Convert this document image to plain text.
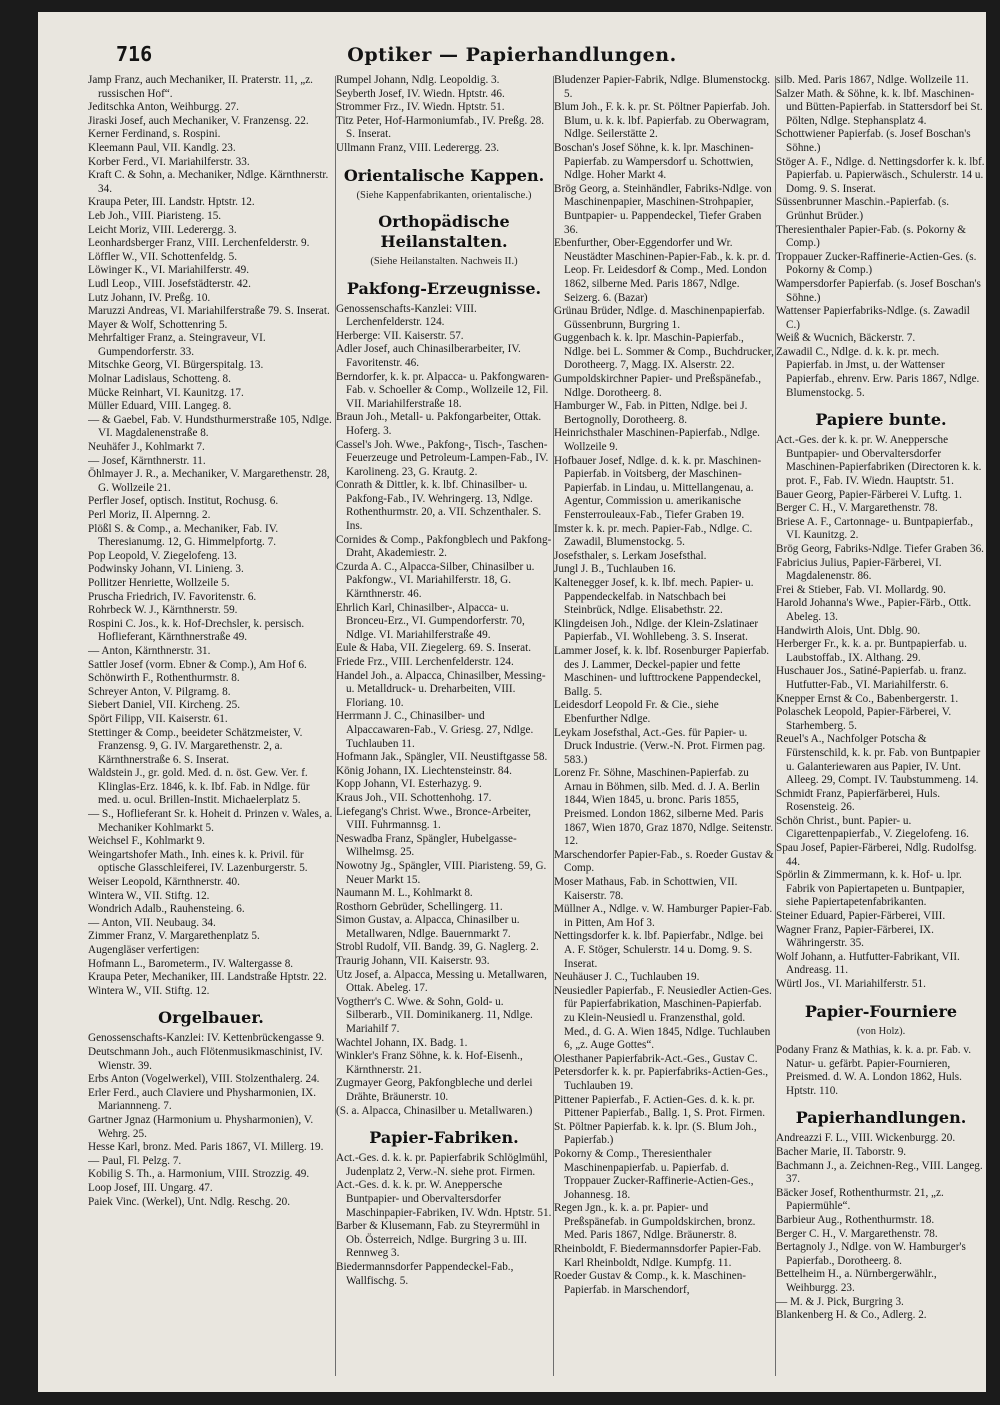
716	Optiker — Papierhandlungen.

Jamp Franz, auch Mechaniker, II. Praterstr. 11, „z. russischen Hof“.

Jeditschka Anton, Weihburgg. 27.

Jiraski Josef, auch Mechaniker, V. Franzensg. 22.

Kerner Ferdinand, s. Rospini.

Kleemann Paul, VII. Kandlg. 23.

Korber Ferd., VI. Mariahilferstr. 33.

Kraft C. & Sohn, a. Mechaniker, Ndlge. Kärnthnerstr. 34.

Kraupa Peter, III. Landstr. Hptstr. 12.

Leb Joh., VIII. Piaristeng. 15.

Leicht Moriz, VIII. Lederergg. 3.

Leonhardsberger Franz, VIII. Lerchenfelderstr. 9.

Löffler W., VII. Schottenfeldg. 5.

Löwinger K., VI. Mariahilferstr. 49.

Ludl Leop., VIII. Josefstädterstr. 42.

Lutz Johann, IV. Preßg. 10.

Maruzzi Andreas, VI. Mariahilferstraße 79. S. Inserat.

Mayer & Wolf, Schottenring 5.

Mehrfaltiger Franz, a. Steingraveur, VI. Gumpendorferstr. 33.

Mitschke Georg, VI. Bürgerspitalg. 13.

Molnar Ladislaus, Schotteng. 8.

Mücke Reinhart, VI. Kaunitzg. 17.

Müller Eduard, VIII. Langeg. 8.

— & Gaebel, Fab. V. Hundsthurmerstraße 105, Ndlge. VI. Magdalenenstraße 8.

Neuhäfer J., Kohlmarkt 7.

— Josef, Kärnthnerstr. 11.

Öhlmayer J. R., a. Mechaniker, V. Margarethenstr. 28, G. Wollzeile 21.

Perfler Josef, optisch. Institut, Rochusg. 6.

Perl Moriz, II. Alpernng. 2.

Plößl S. & Comp., a. Mechaniker, Fab. IV. Theresianumg. 12, G. Himmelpfortg. 7.

Pop Leopold, V. Ziegelofeng. 13.

Podwinsky Johann, VI. Linieng. 3.

Pollitzer Henriette, Wollzeile 5.

Pruscha Friedrich, IV. Favoritenstr. 6.

Rohrbeck W. J., Kärnthnerstr. 59.

Rospini C. Jos., k. k. Hof-Drechsler, k. persisch. Hoflieferant, Kärnthnerstraße 49.

— Anton, Kärnthnerstr. 31.

Sattler Josef (vorm. Ebner & Comp.), Am Hof 6.

Schönwirth F., Rothenthurmstr. 8.

Schreyer Anton, V. Pilgramg. 8.

Siebert Daniel, VII. Kircheng. 25.

Spört Filipp, VII. Kaiserstr. 61.

Stettinger & Comp., beeideter Schätzmeister, V. Franzensg. 9, G. IV. Margarethenstr. 2, a. Kärnthnerstraße 6. S. Inserat.

Waldstein J., gr. gold. Med. d. n. öst. Gew. Ver. f. Klinglas-Erz. 1846, k. k. Ibf. Fab. in Ndlge. für med. u. ocul. Brillen-Instit. Michaelerplatz 5.

— S., Hoflieferant Sr. k. Hoheit d. Prinzen v. Wales, a. Mechaniker Kohlmarkt 5.

Weichsel F., Kohlmarkt 9.

Weingartshofer Math., Inh. eines k. k. Privil. für optische Glasschleiferei, IV. Lazenburgerstr. 5.

Weiser Leopold, Kärnthnerstr. 40.

Wintera W., VII. Stiftg. 12.

Wondrich Adalb., Rauhensteing. 6.

— Anton, VII. Neubaug. 34.

Zimmer Franz, V. Margarethenplatz 5.

Augengläser verfertigen:

Hofmann L., Barometerm., IV. Waltergasse 8.

Kraupa Peter, Mechaniker, III. Landstraße Hptstr. 22.

Wintera W., VII. Stiftg. 12.

Orgelbauer.

Genossenschafts-Kanzlei: IV. Kettenbrückengasse 9.

Deutschmann Joh., auch Flötenmusikmaschinist, IV. Wienstr. 39.

Erbs Anton (Vogelwerkel), VIII. Stolzenthalerg. 24.

Erler Ferd., auch Claviere und Physharmonien, IX. Mariannneng. 7.

Gartner Jgnaz (Harmonium u. Physharmonien), V. Wehrg. 25.

Hesse Karl, bronz. Med. Paris 1867, VI. Millerg. 19.

— Paul, Fl. Pelzg. 7.

Kobilig S. Th., a. Harmonium, VIII. Strozzig. 49.

Loop Josef, III. Ungarg. 47.

Paiek Vinc. (Werkel), Unt. Ndlg. Reschg. 20.

Rumpel Johann, Ndlg. Leopoldig. 3.

Seyberth Josef, IV. Wiedn. Hptstr. 46.

Strommer Frz., IV. Wiedn. Hptstr. 51.

Titz Peter, Hof-Harmoniumfab., IV. Preßg. 28. S. Inserat.

Ullmann Franz, VIII. Lederergg. 23.

Orientalische Kappen.

(Siehe Kappenfabrikanten, orientalische.)

Orthopädische Heilanstalten.

(Siehe Heilanstalten. Nachweis II.)

Pakfong-Erzeugnisse.

Genossenschafts-Kanzlei: VIII. Lerchenfelderstr. 124.

Herberge: VII. Kaiserstr. 57.

Adler Josef, auch Chinasilberarbeiter, IV. Favoritenstr. 46.

Berndorfer, k. k. pr. Alpacca- u. Pakfongwaren-Fab. v. Schoeller & Comp., Wollzeile 12, Fil. VII. Mariahilferstraße 18.

Braun Joh., Metall- u. Pakfongarbeiter, Ottak. Hoferg. 3.

Cassel's Joh. Wwe., Pakfong-, Tisch-, Taschen-Feuerzeuge und Petroleum-Lampen-Fab., IV. Karolineng. 23, G. Krautg. 2.

Conrath & Dittler, k. k. lbf. Chinasilber- u. Pakfong-Fab., IV. Wehringerg. 13, Ndlge. Rothenthurmstr. 20, a. VII. Schzenthaler. S. Ins.

Cornides & Comp., Pakfongblech und Pakfong-Draht, Akademiestr. 2.

Czurda A. C., Alpacca-Silber, Chinasilber u. Pakfongw., VI. Mariahilferstr. 18, G. Kärnthnerstr. 46.

Ehrlich Karl, Chinasilber-, Alpacca- u. Bronceu-Erz., VI. Gumpendorferstr. 70, Ndlge. VI. Mariahilferstraße 49.

Eule & Haba, VII. Ziegelerg. 69. S. Inserat.

Friede Frz., VIII. Lerchenfelderstr. 124.

Handel Joh., a. Alpacca, Chinasilber, Messing- u. Metalldruck- u. Dreharbeiten, VIII. Floriang. 10.

Herrmann J. C., Chinasilber- und Alpaccawaren-Fab., V. Griesg. 27, Ndlge. Tuchlauben 11.

Hofmann Jak., Spängler, VII. Neustiftgasse 58.

König Johann, IX. Liechtensteinstr. 84.

Kopp Johann, VI. Esterhazyg. 9.

Kraus Joh., VII. Schottenhohg. 17.

Liefegang's Christ. Wwe., Bronce-Arbeiter, VIII. Fuhrmannsg. 1.

Neswadba Franz, Spängler, Hubelgasse-Wilhelmsg. 25.

Nowotny Jg., Spängler, VIII. Piaristeng. 59, G. Neuer Markt 15.

Naumann M. L., Kohlmarkt 8.

Rosthorn Gebrüder, Schellingerg. 11.

Simon Gustav, a. Alpacca, Chinasilber u. Metallwaren, Ndlge. Bauernmarkt 7.

Strobl Rudolf, VII. Bandg. 39, G. Naglerg. 2.

Traurig Johann, VII. Kaiserstr. 93.

Utz Josef, a. Alpacca, Messing u. Metallwaren, Ottak. Abeleg. 17.

Vogtherr's C. Wwe. & Sohn, Gold- u. Silberarb., VII. Dominikanerg. 11, Ndlge. Mariahilf 7.

Wachtel Johann, IX. Badg. 1.

Winkler's Franz Söhne, k. k. Hof-Eisenh., Kärnthnerstr. 21.

Zugmayer Georg, Pakfongbleche und derlei Drähte, Bräunerstr. 10.

(S. a. Alpacca, Chinasilber u. Metallwaren.)

Papier-Fabriken.

Act.-Ges. d. k. k. pr. Papierfabrik Schlöglmühl, Judenplatz 2, Verw.-N. siehe prot. Firmen.

Act.-Ges. d. k. k. pr. W. Aneppersche Buntpapier- und Obervaltersdorfer Maschinpapier-Fabriken, IV. Wdn. Hptstr. 51.

Barber & Klusemann, Fab. zu Steyrermühl in Ob. Österreich, Ndlge. Burgring 3 u. III. Rennweg 3.

Biedermannsdorfer Pappendeckel-Fab., Wallfischg. 5.

Bludenzer Papier-Fabrik, Ndlge. Blumenstockg. 5.

Blum Joh., F. k. k. pr. St. Pöltner Papierfab. Joh. Blum, u. k. k. lbf. Papierfab. zu Oberwagram, Ndlge. Seilerstätte 2.

Boschan's Josef Söhne, k. k. lpr. Maschinen-Papierfab. zu Wampersdorf u. Schottwien, Ndlge. Hoher Markt 4.

Brög Georg, a. Steinhändler, Fabriks-Ndlge. von Maschinenpapier, Maschinen-Strohpapier, Buntpapier- u. Pappendeckel, Tiefer Graben 36.

Ebenfurther, Ober-Eggendorfer und Wr. Neustädter Maschinen-Papier-Fab., k. k. pr. d. Leop. Fr. Leidesdorf & Comp., Med. London 1862, silberne Med. Paris 1867, Ndlge. Seizerg. 6. (Bazar)

Grünau Brüder, Ndlge. d. Maschinenpapierfab. Güssenbrunn, Burgring 1.

Guggenbach k. k. lpr. Maschin-Papierfab., Ndlge. bei L. Sommer & Comp., Buchdrucker, Dorotheerg. 7, Magg. IX. Alserstr. 22.

Gumpoldskirchner Papier- und Preßspänefab., Ndlge. Dorotheerg. 8.

Hamburger W., Fab. in Pitten, Ndlge. bei J. Bertognolly, Dorotheerg. 8.

Heinrichsthaler Maschinen-Papierfab., Ndlge. Wollzeile 9.

Hofbauer Josef, Ndlge. d. k. k. pr. Maschinen-Papierfab. in Voitsberg, der Maschinen-Papierfab. in Lindau, u. Mittellangenau, a. Agentur, Commission u. amerikanische Fensterrouleaux-Fab., Tiefer Graben 19.

Imster k. k. pr. mech. Papier-Fab., Ndlge. C. Zawadil, Blumenstockg. 5.

Josefsthaler, s. Lerkam Josefsthal.

Jungl J. B., Tuchlauben 16.

Kaltenegger Josef, k. k. lbf. mech. Papier- u. Pappendeckelfab. in Natschbach bei Steinbrück, Ndlge. Elisabethstr. 22.

Klingdeisen Joh., Ndlge. der Klein-Zslatinaer Papierfab., VI. Wohllebeng. 3. S. Inserat.

Lammer Josef, k. k. lbf. Rosenburger Papierfab. des J. Lammer, Deckel-papier und fette Maschinen- und lufttrockene Pappendeckel, Ballg. 5.

Leidesdorf Leopold Fr. & Cie., siehe Ebenfurther Ndlge.

Leykam Josefsthal, Act.-Ges. für Papier- u. Druck Industrie. (Verw.-N. Prot. Firmen pag. 583.)

Lorenz Fr. Söhne, Maschinen-Papierfab. zu Arnau in Böhmen, silb. Med. d. J. A. Berlin 1844, Wien 1845, u. bronc. Paris 1855, Preismed. London 1862, silberne Med. Paris 1867, Wien 1870, Graz 1870, Ndlge. Seitenstr. 12.

Marschendorfer Papier-Fab., s. Roeder Gustav & Comp.

Moser Mathaus, Fab. in Schottwien, VII. Kaiserstr. 78.

Müllner A., Ndlge. v. W. Hamburger Papier-Fab. in Pitten, Am Hof 3.

Nettingsdorfer k. k. lbf. Papierfabr., Ndlge. bei A. F. Stöger, Schulerstr. 14 u. Domg. 9. S. Inserat.

Neuhäuser J. C., Tuchlauben 19.

Neusiedler Papierfab., F. Neusiedler Actien-Ges. für Papierfabrikation, Maschinen-Papierfab. zu Klein-Neusiedl u. Franzensthal, gold. Med., d. G. A. Wien 1845, Ndlge. Tuchlauben 6, „z. Auge Gottes“.

Olesthaner Papierfabrik-Act.-Ges., Gustav C.

Petersdorfer k. k. pr. Papierfabriks-Actien-Ges., Tuchlauben 19.

Pittener Papierfab., F. Actien-Ges. d. k. k. pr. Pittener Papierfab., Ballg. 1, S. Prot. Firmen.

St. Pöltner Papierfab. k. k. lpr. (S. Blum Joh., Papierfab.)

Pokorny & Comp., Theresienthaler Maschinenpapierfab. u. Papierfab. d. Troppauer Zucker-Raffinerie-Actien-Ges., Johannesg. 18.

Regen Jgn., k. k. a. pr. Papier- und Preßspänefab. in Gumpoldskirchen, bronz. Med. Paris 1867, Ndlge. Bräunerstr. 8.

Rheinboldt, F. Biedermannsdorfer Papier-Fab. Karl Rheinboldt, Ndlge. Kumpfg. 11.

Roeder Gustav & Comp., k. k. Maschinen-Papierfab. in Marschendorf,

silb. Med. Paris 1867, Ndlge. Wollzeile 11.

Salzer Math. & Söhne, k. k. lbf. Maschinen- und Bütten-Papierfab. in Stattersdorf bei St. Pölten, Ndlge. Stephansplatz 4.

Schottwiener Papierfab. (s. Josef Boschan's Söhne.)

Stöger A. F., Ndlge. d. Nettingsdorfer k. k. lbf. Papierfab. u. Papierwäsch., Schulerstr. 14 u. Domg. 9. S. Inserat.

Süssenbrunner Maschin.-Papierfab. (s. Grünhut Brüder.)

Theresienthaler Papier-Fab. (s. Pokorny & Comp.)

Troppauer Zucker-Raffinerie-Actien-Ges. (s. Pokorny & Comp.)

Wampersdorfer Papierfab. (s. Josef Boschan's Söhne.)

Wattenser Papierfabriks-Ndlge. (s. Zawadil C.)

Weiß & Wucnich, Bäckerstr. 7.

Zawadil C., Ndlge. d. k. k. pr. mech. Papierfab. in Jmst, u. der Wattenser Papierfab., ehrenv. Erw. Paris 1867, Ndlge. Blumenstockg. 5.

Papiere bunte.

Act.-Ges. der k. k. pr. W. Aneppersche Buntpapier- und Obervaltersdorfer Maschinen-Papierfabriken (Directoren k. k. prot. F., Fab. IV. Wiedn. Hauptstr. 51.

Bauer Georg, Papier-Färberei V. Luftg. 1.

Berger C. H., V. Margarethenstr. 78.

Briese A. F., Cartonnage- u. Buntpapierfab., VI. Kaunitzg. 2.

Brög Georg, Fabriks-Ndlge. Tiefer Graben 36.

Fabricius Julius, Papier-Färberei, VI. Magdalenenstr. 86.

Frei & Stieber, Fab. VI. Mollardg. 90.

Harold Johanna's Wwe., Papier-Färb., Ottk. Abeleg. 13.

Handwirth Alois, Unt. Dblg. 90.

Herberger Fr., k. k. a. pr. Buntpapierfab. u. Laubstoffab., IX. Althang. 29.

Huschauer Jos., Satiné-Papierfab. u. franz. Hutfutter-Fab., VI. Mariahilferstr. 6.

Knepper Ernst & Co., Babenbergerstr. 1.

Polaschek Leopold, Papier-Färberei, V. Starhemberg. 5.

Reuel's A., Nachfolger Potscha & Fürstenschild, k. k. pr. Fab. von Buntpapier u. Galanteriewaren aus Papier, IV. Unt. Alleeg. 29, Compt. IV. Taubstummeng. 14.

Schmidt Franz, Papierfärberei, Huls. Rosensteig. 26.

Schön Christ., bunt. Papier- u. Cigarettenpapierfab., V. Ziegelofeng. 16.

Spau Josef, Papier-Färberei, Ndlg. Rudolfsg. 44.

Spörlin & Zimmermann, k. k. Hof- u. lpr. Fabrik von Papiertapeten u. Buntpapier, siehe Papiertapetenfabrikanten.

Steiner Eduard, Papier-Färberei, VIII.

Wagner Franz, Papier-Färberei, IX. Währingerstr. 35.

Wolf Johann, a. Hutfutter-Fabrikant, VII. Andreasg. 11.

Würtl Jos., VI. Mariahilferstr. 51.

Papier-Fourniere

(von Holz).

Podany Franz & Mathias, k. k. a. pr. Fab. v. Natur- u. gefärbt. Papier-Fournieren, Preismed. d. W. A. London 1862, Huls. Hptstr. 110.

Papierhandlungen.

Andreazzi F. L., VIII. Wickenburgg. 20.

Bacher Marie, II. Taborstr. 9.

Bachmann J., a. Zeichnen-Reg., VIII. Langeg. 37.

Bäcker Josef, Rothenthurmstr. 21, „z. Papiermühle“.

Barbieur Aug., Rothenthurmstr. 18.

Berger C. H., V. Margarethenstr. 78.

Bertagnoly J., Ndlge. von W. Hamburger's Papierfab., Dorotheerg. 8.

Bettelheim H., a. Nürnbergerwählr., Weihburgg. 23.

— M. & J. Pick, Burgring 3.

Blankenberg H. & Co., Adlerg. 2.
